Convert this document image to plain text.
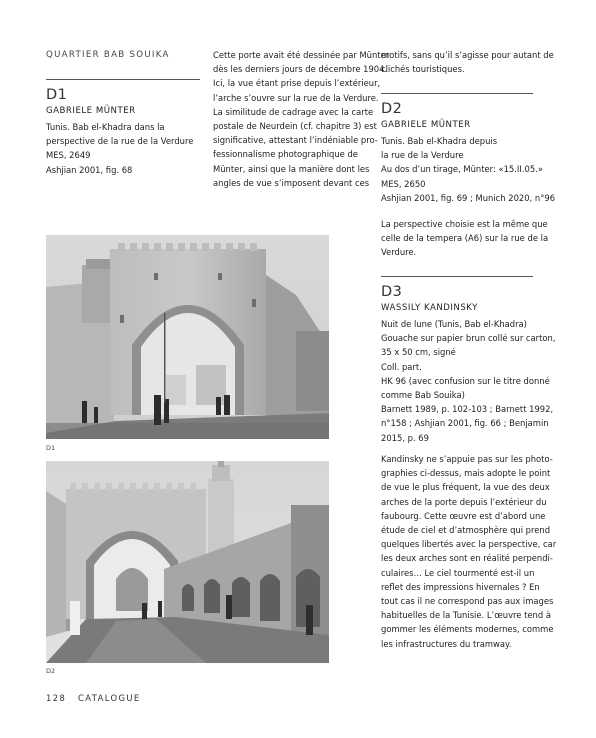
QUARTIER BAB SOUIKA
D1
GABRIELE MÜNTER
Tunis. Bab el-Khadra dans la
perspective de la rue de la Verdure
MES, 2649
Ashjian 2001, fig. 68
Cette porte avait été dessinée par Münter
dès les derniers jours de décembre 1904.
Ici, la vue étant prise depuis l’extérieur,
l’arche s’ouvre sur la rue de la Verdure.
La similitude de cadrage avec la carte
postale de Neurdein (cf. chapitre 3) est
significative, attestant l’indéniable pro-
fessionnalisme photographique de
Münter, ainsi que la manière dont les
angles de vue s’imposent devant ces
motifs, sans qu’il s’agisse pour autant de
clichés touristiques.
D2
GABRIELE MÜNTER
Tunis. Bab el-Khadra depuis
la rue de la Verdure
Au dos d’un tirage, Münter: «15.II.05.»
MES, 2650
Ashjian 2001, fig. 69 ; Munich 2020, n°96
La perspective choisie est la même que
celle de la tempera (A6) sur la rue de la
Verdure.
D3
WASSILY KANDINSKY
Nuit de lune (Tunis, Bab el-Khadra)
Gouache sur papier brun collé sur carton,
35 x 50 cm, signé
Coll. part.
HK 96 (avec confusion sur le titre donné
comme Bab Souika)
Barnett 1989, p. 102-103 ; Barnett 1992,
n°158 ; Ashjian 2001, fig. 66 ; Benjamin
2015, p. 69
Kandinsky ne s’appuie pas sur les photo-
graphies ci-dessus, mais adopte le point
de vue le plus fréquent, la vue des deux
arches de la porte depuis l’extérieur du
faubourg. Cette œuvre est d’abord une
étude de ciel et d’atmosphère qui prend
quelques libertés avec la perspective, car
les deux arches sont en réalité perpendi-
culaires… Le ciel tourmenté est-il un
reflet des impressions hivernales ? En
tout cas il ne correspond pas aux images
habituelles de la Tunisie. L’œuvre tend à
gommer les éléments modernes, comme
les infrastructures du tramway.
D1
D2
128 CATALOGUE
